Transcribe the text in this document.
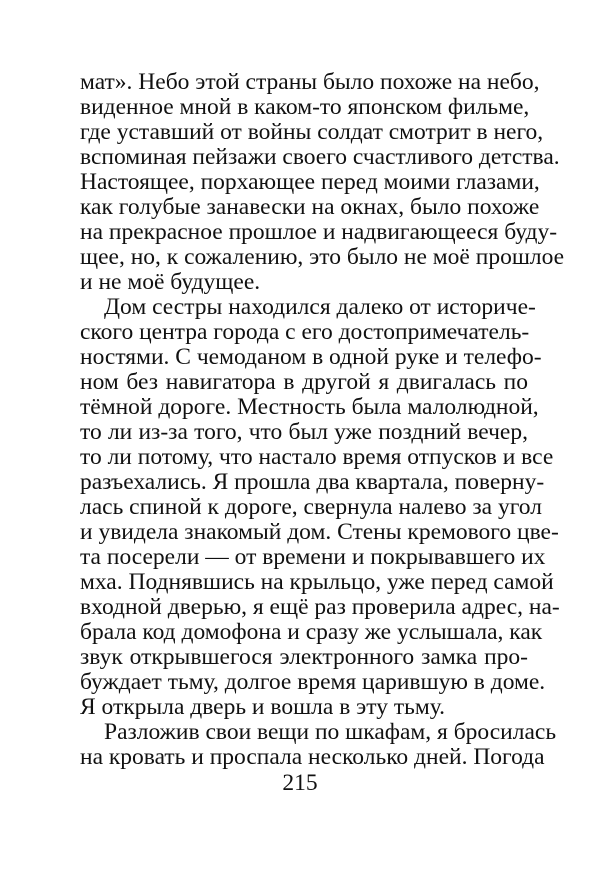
мат». Небо этой страны было похоже на небо,
виденное мной в каком-то японском фильме,
где уставший от войны солдат смотрит в него,
вспоминая пейзажи своего счастливого детства.
Настоящее, порхающее перед моими глазами,
как голубые занавески на окнах, было похоже
на прекрасное прошлое и надвигающееся буду-
щее, но, к сожалению, это было не моё прошлое
и не моё будущее.
Дом сестры находился далеко от историче-
ского центра города с его достопримечатель-
ностями. С чемоданом в одной руке и телефо-
ном без навигатора в другой я двигалась по
тёмной дороге. Местность была малолюдной,
то ли из-за того, что был уже поздний вечер,
то ли потому, что настало время отпусков и все
разъехались. Я прошла два квартала, поверну-
лась спиной к дороге, свернула налево за угол
и увидела знакомый дом. Стены кремового цве-
та посерели — от времени и покрывавшего их
мха. Поднявшись на крыльцо, уже перед самой
входной дверью, я ещё раз проверила адрес, на-
брала код домофона и сразу же услышала, как
звук открывшегося электронного замка про-
буждает тьму, долгое время царившую в доме.
Я открыла дверь и вошла в эту тьму.
Разложив свои вещи по шкафам, я бросилась
на кровать и проспала несколько дней. Погода
215
